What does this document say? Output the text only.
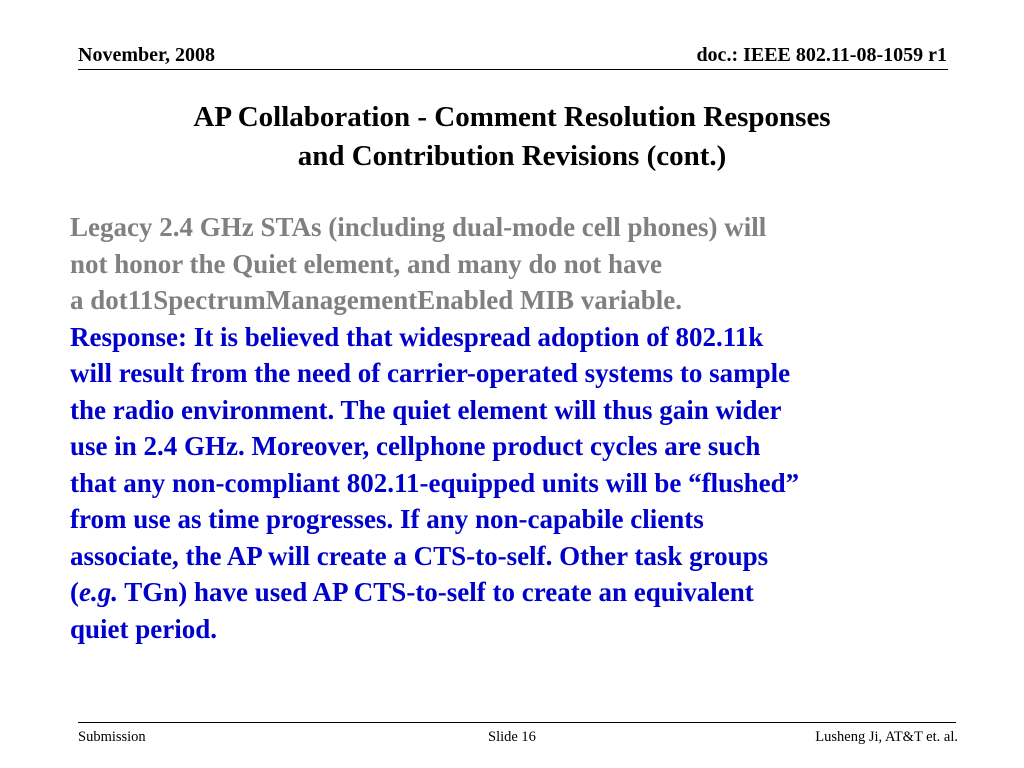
November, 2008	doc.: IEEE 802.11-08-1059 r1
AP Collaboration - Comment Resolution Responses
and Contribution Revisions (cont.)

Legacy 2.4 GHz STAs (including dual-mode cell phones) will

not honor the Quiet element, and many do not have

a dot11SpectrumManagementEnabled MIB variable.

Response: It is believed that widespread adoption of 802.11k

will result from the need of carrier-operated systems to sample

the radio environment. The quiet element will thus gain wider

use in 2.4 GHz. Moreover, cellphone product cycles are such

that any non-compliant 802.11-equipped units will be “flushed”

from use as time progresses. If any non-capabile clients

associate, the AP will create a CTS-to-self. Other task groups

(e.g. TGn) have used AP CTS-to-self to create an equivalent

quiet period.

Submission	Slide 16	Lusheng Ji, AT&T et. al.
